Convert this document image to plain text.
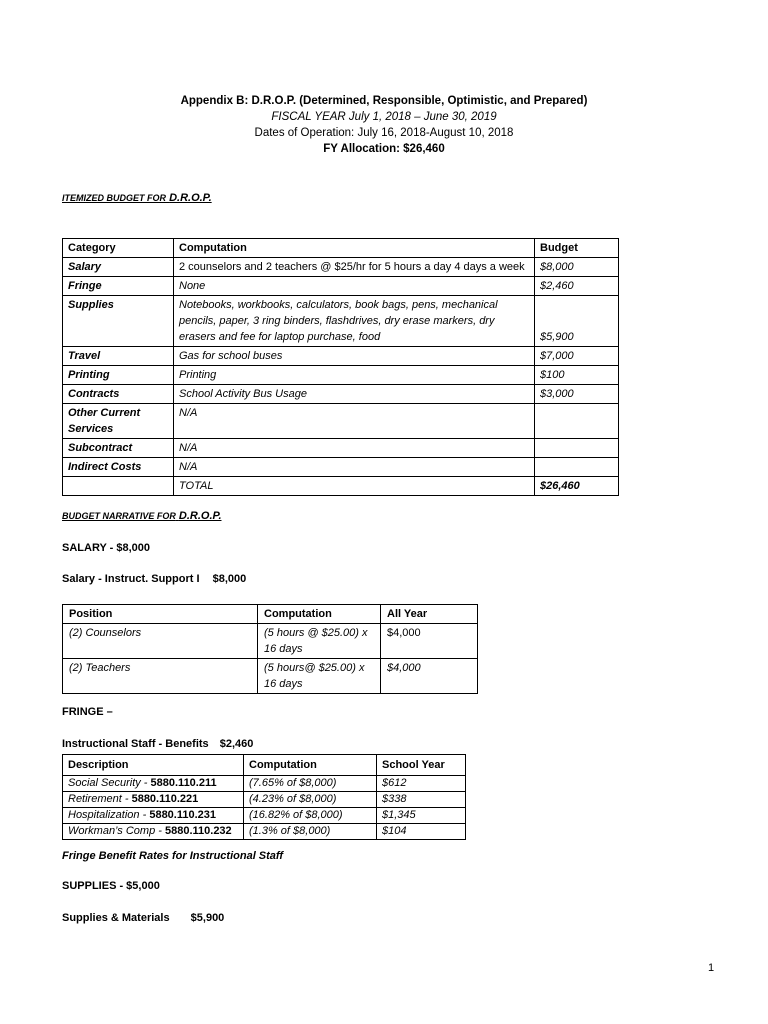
Appendix B: D.R.O.P. (Determined, Responsible, Optimistic, and Prepared)
FISCAL YEAR July 1, 2018 – June 30, 2019
Dates of Operation: July 16, 2018-August 10, 2018
FY Allocation: $26,460
ITEMIZED BUDGET FOR D.R.O.P.
Category	Computation	Budget
Salary	2 counselors and 2 teachers @ $25/hr for 5 hours a day 4 days a week	$8,000
Fringe	None	$2,460
Supplies	Notebooks, workbooks, calculators, book bags, pens, mechanical pencils, paper, 3 ring binders, flashdrives, dry erase markers, dry erasers and fee for laptop purchase, food	$5,900
Travel	Gas for school buses	$7,000
Printing	Printing	$100
Contracts	School Activity Bus Usage	$3,000
Other Current Services	N/A	
Subcontract	N/A	
Indirect Costs	N/A	
	TOTAL	$26,460
BUDGET NARRATIVE FOR D.R.O.P.
SALARY - $8,000
Salary - Instruct. Support I $8,000
Position	Computation	All Year
(2) Counselors	(5 hours @ $25.00) x 16 days	$4,000
(2) Teachers	(5 hours@ $25.00) x 16 days	$4,000
FRINGE –
Instructional Staff - Benefits $2,460
Description	Computation	School Year
Social Security - 5880.110.211	(7.65% of $8,000)	$612
Retirement - 5880.110.221	(4.23% of $8,000)	$338
Hospitalization - 5880.110.231	(16.82% of $8,000)	$1,345
Workman’s Comp - 5880.110.232	(1.3% of $8,000)	$104
Fringe Benefit Rates for Instructional Staff
SUPPLIES - $5,000
Supplies & Materials $5,900
1
